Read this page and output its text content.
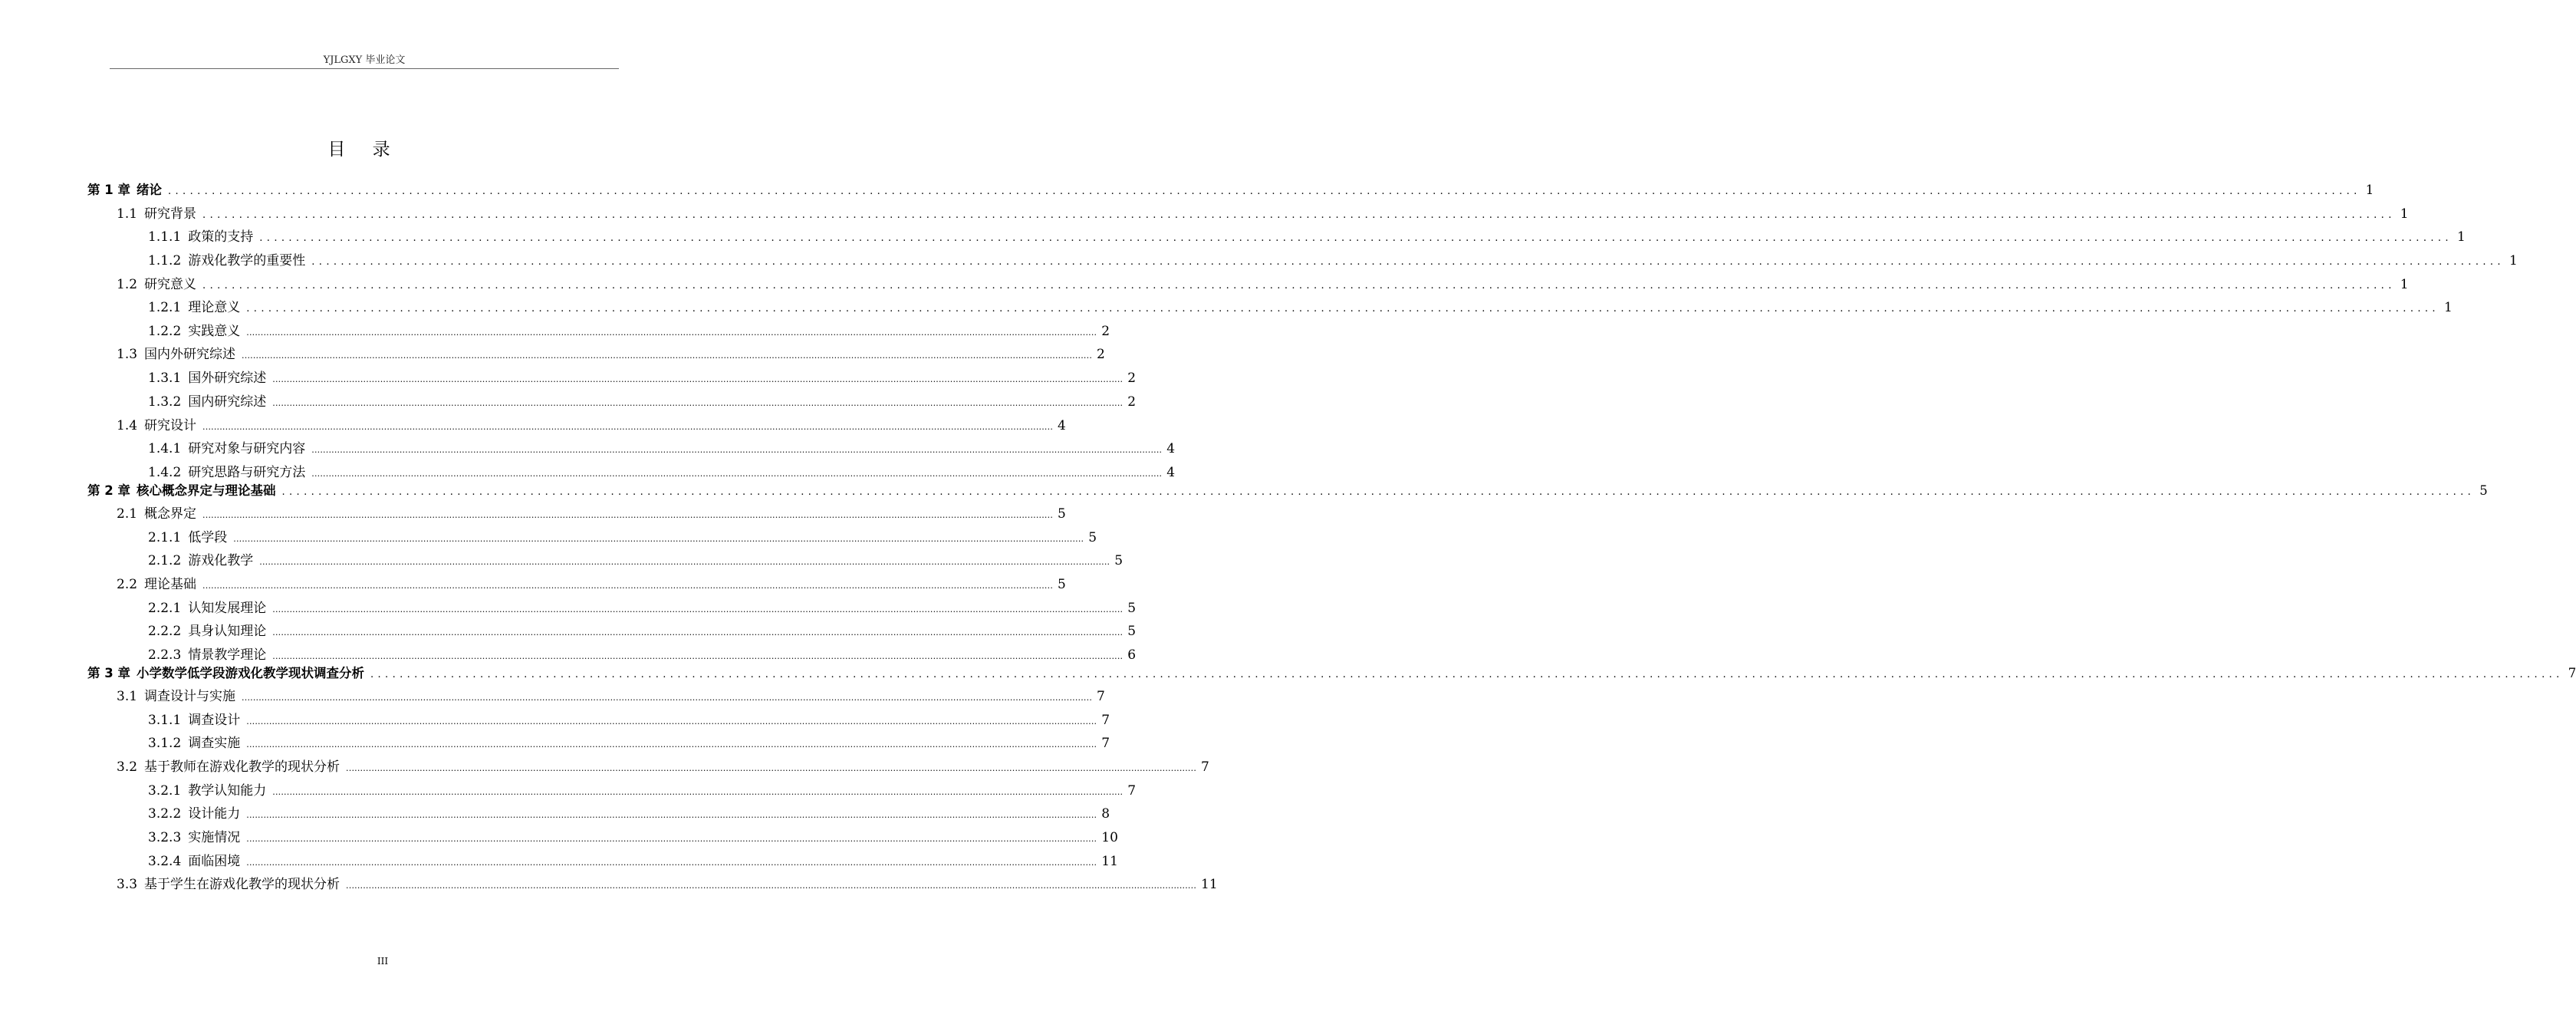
YJLGXY 毕业论文
目 录
第 1 章 绪论 ............................................................................................................................................................................................................................................................................................................ 1
1.1 研究背景 ............................................................................................................................................................................................................................................................................................................ 1
1.1.1 政策的支持 ............................................................................................................................................................................................................................................................................................................ 1
1.1.2 游戏化教学的重要性 ............................................................................................................................................................................................................................................................................................................ 1
1.2 研究意义 ............................................................................................................................................................................................................................................................................................................ 1
1.2.1 理论意义 ............................................................................................................................................................................................................................................................................................................ 1
1.2.2 实践意义 ............................................................................................................................................................................................................................................................................................................ 2
1.3 国内外研究综述 ............................................................................................................................................................................................................................................................................................................ 2
1.3.1 国外研究综述 ............................................................................................................................................................................................................................................................................................................ 2
1.3.2 国内研究综述 ............................................................................................................................................................................................................................................................................................................ 2
1.4 研究设计 ............................................................................................................................................................................................................................................................................................................ 4
1.4.1 研究对象与研究内容 ............................................................................................................................................................................................................................................................................................................ 4
1.4.2 研究思路与研究方法 ............................................................................................................................................................................................................................................................................................................ 4
第 2 章 核心概念界定与理论基础 ............................................................................................................................................................................................................................................................................................................ 5
2.1 概念界定 ............................................................................................................................................................................................................................................................................................................ 5
2.1.1 低学段 ............................................................................................................................................................................................................................................................................................................ 5
2.1.2 游戏化教学 ............................................................................................................................................................................................................................................................................................................ 5
2.2 理论基础 ............................................................................................................................................................................................................................................................................................................ 5
2.2.1 认知发展理论 ............................................................................................................................................................................................................................................................................................................ 5
2.2.2 具身认知理论 ............................................................................................................................................................................................................................................................................................................ 5
2.2.3 情景教学理论 ............................................................................................................................................................................................................................................................................................................ 6
第 3 章 小学数学低学段游戏化教学现状调查分析 ............................................................................................................................................................................................................................................................................................................ 7
3.1 调查设计与实施 ............................................................................................................................................................................................................................................................................................................ 7
3.1.1 调查设计 ............................................................................................................................................................................................................................................................................................................ 7
3.1.2 调查实施 ............................................................................................................................................................................................................................................................................................................ 7
3.2 基于教师在游戏化教学的现状分析 ............................................................................................................................................................................................................................................................................................................ 7
3.2.1 教学认知能力 ............................................................................................................................................................................................................................................................................................................ 7
3.2.2 设计能力 ............................................................................................................................................................................................................................................................................................................ 8
3.2.3 实施情况 ............................................................................................................................................................................................................................................................................................................ 10
3.2.4 面临困境 ............................................................................................................................................................................................................................................................................................................ 11
3.3 基于学生在游戏化教学的现状分析 ............................................................................................................................................................................................................................................................................................................ 11
III
